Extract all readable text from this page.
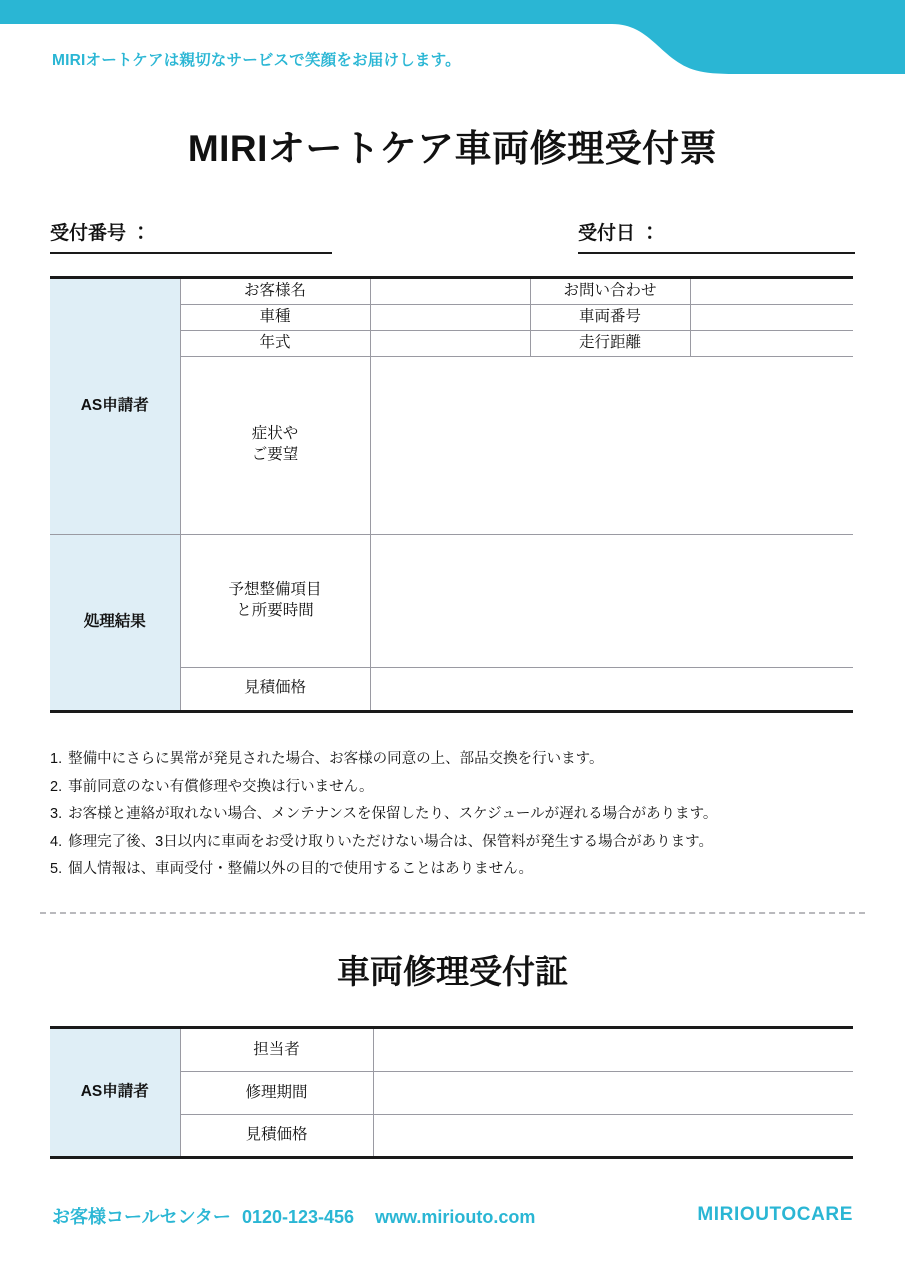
MIRIオートケアは親切なサービスで笑顔をお届けします。
MIRIオートケア車両修理受付票
受付番号 ：	受付日 ：
AS申請者	お客様名		お問い合わせ	
	車種		車両番号	
	年式		走行距離	
	症状や
ご要望			
処理結果	予想整備項目
と所要時間			
	見積価格			
1. 整備中にさらに異常が発見された場合、お客様の同意の上、部品交換を行います。
2. 事前同意のない有償修理や交換は行いません。
3. お客様と連絡が取れない場合、メンテナンスを保留したり、スケジュールが遅れる場合があります。
4. 修理完了後、3日以内に車両をお受け取りいただけない場合は、保管料が発生する場合があります。
5. 個人情報は、車両受付・整備以外の目的で使用することはありません。
車両修理受付証
AS申請者	担当者	
	修理期間	
	見積価格	
お客様コールセンター 0120-123-456 www.miriouto.com	MIRIOUTOCARE
